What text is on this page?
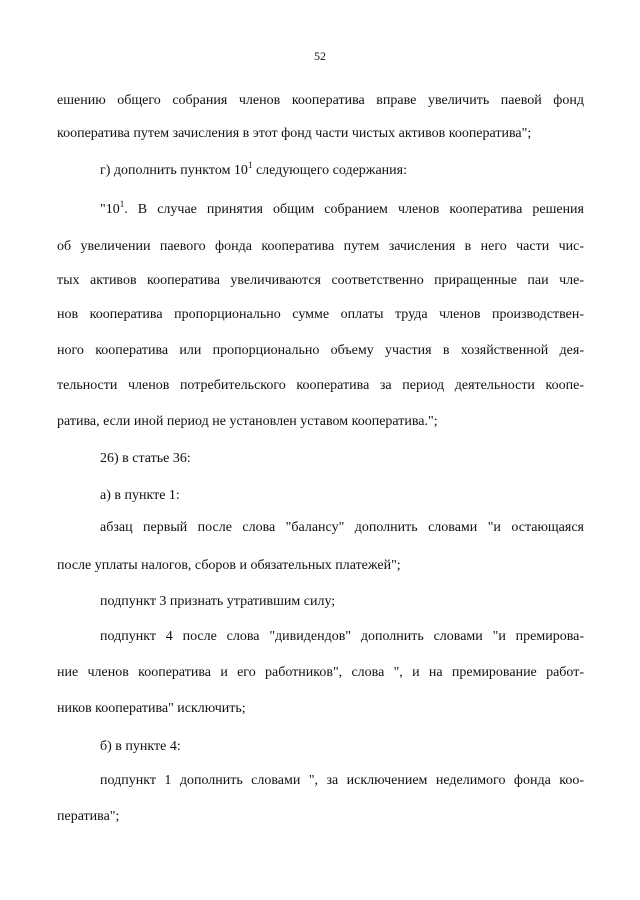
52
ешению общего собрания членов кооператива вправе увеличить паевой фонд
кооператива путем зачисления в этот фонд части чистых активов кооператива";
г) дополнить пунктом $10^1$ следующего содержания:
"$10^1$. В случае принятия общим собранием членов кооператива решения
об увеличении паевого фонда кооператива путем зачисления в него части чис-
тых активов кооператива увеличиваются соответственно приращенные паи чле-
нов кооператива пропорционально сумме оплаты труда членов производствен-
ного кооператива или пропорционально объему участия в хозяйственной дея-
тельности членов потребительского кооператива за период деятельности коопе-
ратива, если иной период не установлен уставом кооператива.";
26) в статье 36:
а) в пункте 1:
абзац первый после слова "балансу" дополнить словами "и остающаяся
после уплаты налогов, сборов и обязательных платежей";
подпункт 3 признать утратившим силу;
подпункт 4 после слова "дивидендов" дополнить словами "и премирова-
ние членов кооператива и его работников", слова ", и на премирование работ-
ников кооператива" исключить;
б) в пункте 4:
подпункт 1 дополнить словами ", за исключением неделимого фонда коо-
ператива";
